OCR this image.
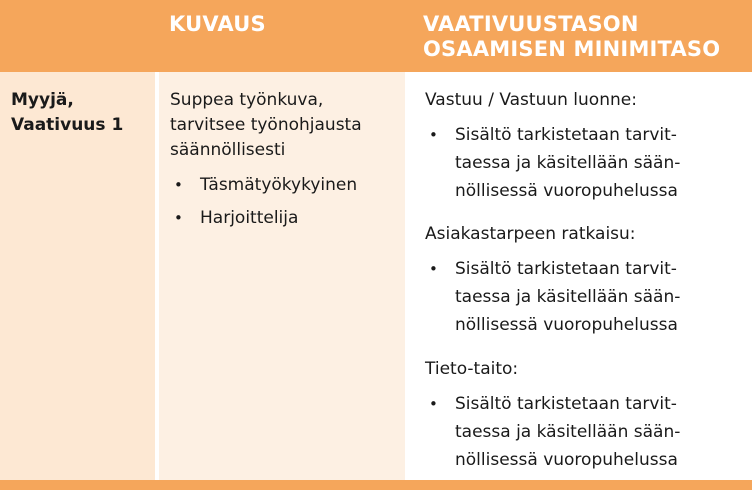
KUVAUS	VAATIVUUSTASON
OSAAMISEN MINIMITASO
Myyjä,
Vaativuus 1
Suppea työnkuva,
tarvitsee työnohjausta
säännöllisesti
• Täsmätyökykyinen
• Harjoittelija
Vastuu / Vastuun luonne:
• Sisältö tarkistetaan tarvit-
taessa ja käsitellään sään-
nöllisessä vuoropuhelussa
Asiakastarpeen ratkaisu:
• Sisältö tarkistetaan tarvit-
taessa ja käsitellään sään-
nöllisessä vuoropuhelussa
Tieto-taito:
• Sisältö tarkistetaan tarvit-
taessa ja käsitellään sään-
nöllisessä vuoropuhelussa
